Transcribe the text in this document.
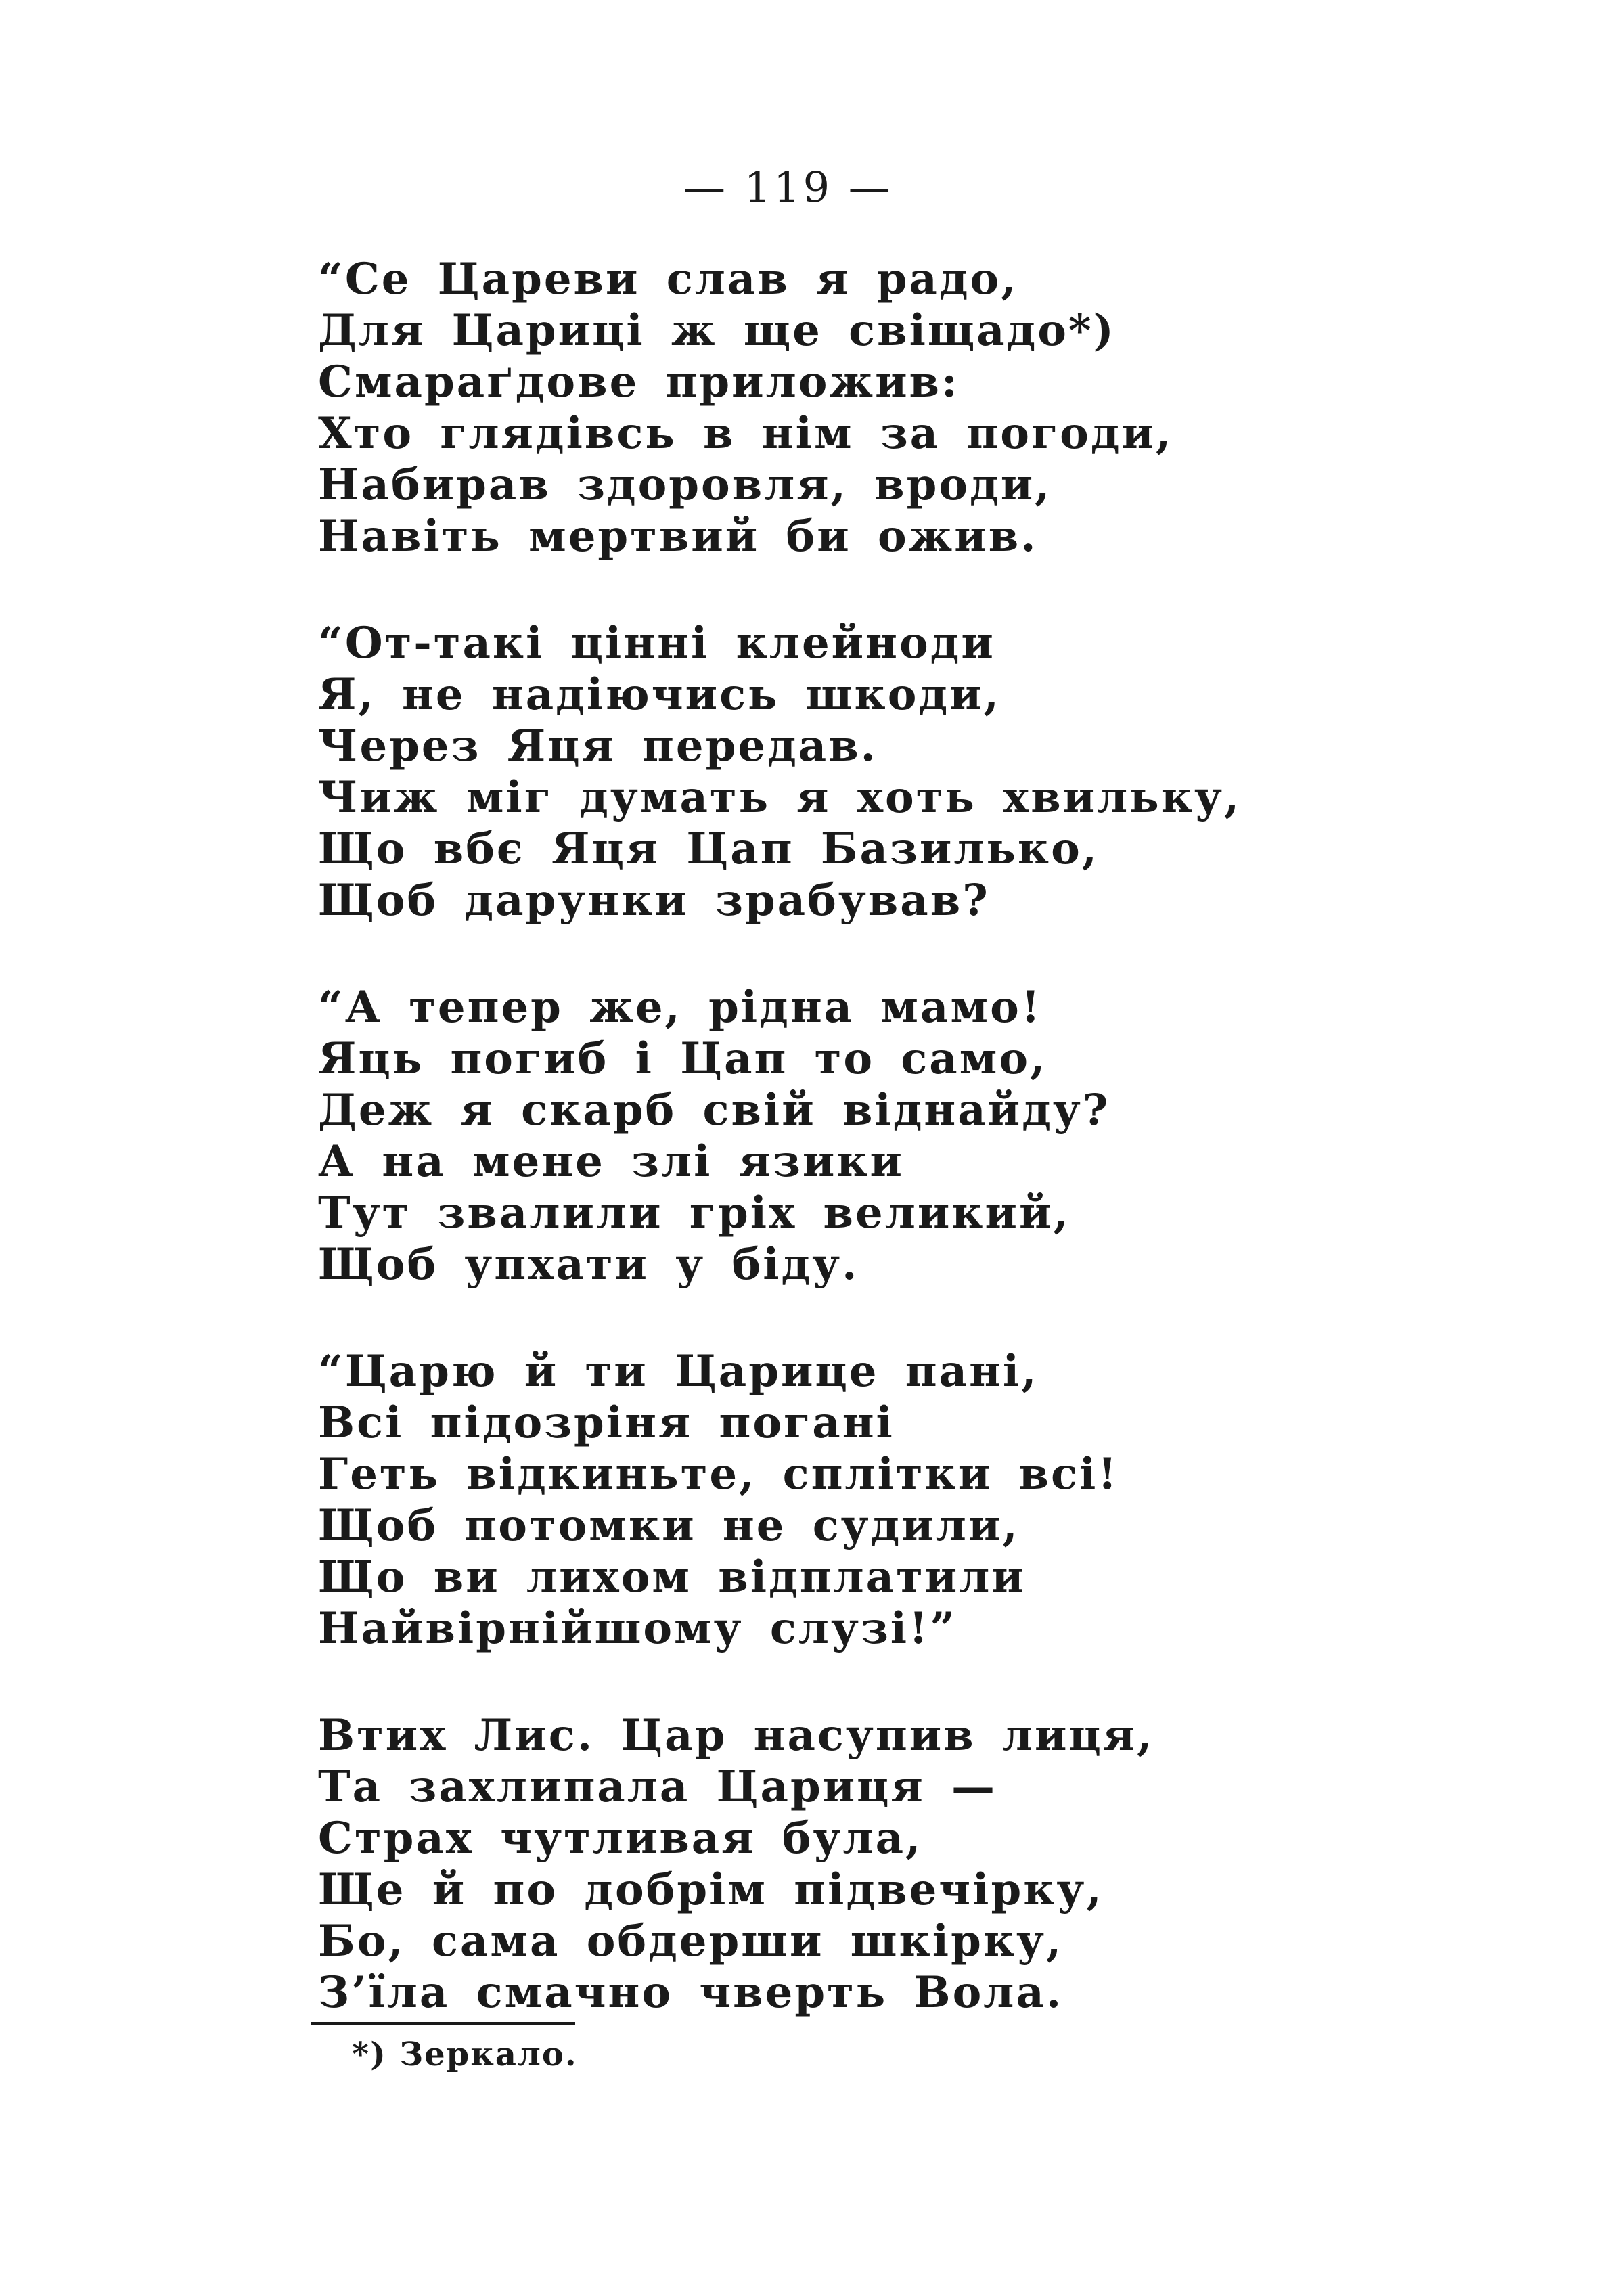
— 119 —
“Се Цареви слав я радо,
Для Цариці ж ще свіщадо*)
Смараґдове приложив:
Хто глядівсь в нім за погоди,
Набирав здоровля, вроди,
Навіть мертвий би ожив.
“От-такі цінні клейноди
Я, не надіючись шкоди,
Через Яця передав.
Чиж міг думать я хоть хвильку,
Що вбє Яця Цап Базилько,
Щоб дарунки зрабував?
“А тепер же, рідна мамо!
Яць погиб і Цап то само,
Деж я скарб свій віднайду?
А на мене злі язики
Тут звалили гріх великий,
Щоб упхати у біду.
“Царю й ти Царице пані,
Всі підозріня погані
Геть відкиньте, сплітки всі!
Щоб потомки не судили,
Що ви лихом відплатили
Найвірнійшому слузі!”
Втих Лис. Цар насупив лиця,
Та захлипала Цариця —
Страх чутливая була,
Ще й по добрім підвечірку,
Бо, сама обдерши шкірку,
З’їла смачно чверть Вола.
*) Зеркало.
